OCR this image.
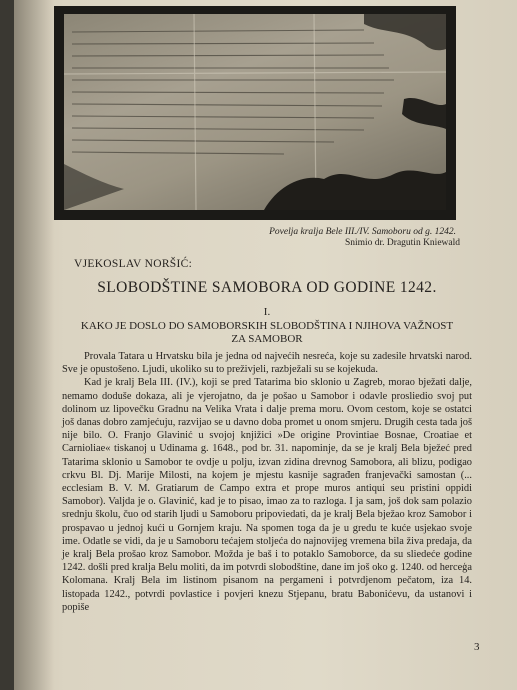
Povelja kralja Bele III./IV. Samoboru od g. 1242.
Snimio dr. Dragutin Kniewald
VJEKOSLAV NORŠIĆ:
SLOBODŠTINE SAMOBORA OD GODINE 1242.
I.
KAKO JE DOSLO DO SAMOBORSKIH SLOBODŠTINA I NJIHOVA VAŽNOST ZA SAMOBOR

Provala Tatara u Hrvatsku bila je jedna od najvećih nesreća, koje su zadesile hrvatski narod. Sve je opustošeno. Ljudi, ukoliko su to preživjeli, razbježali su se kojekuda.

Kad je kralj Bela III. (IV.), koji se pred Tatarima bio sklonio u Zagreb, morao bježati dalje, nemamo doduše dokaza, ali je vjerojatno, da je pošao u Samobor i odavle prosliedio svoj put dolinom uz lipovečku Gradnu na Velika Vrata i dalje prema moru. Ovom cestom, koje se ostatci još danas dobro zamjećuju, razvijao se u davno doba promet u onom smjeru. Drugih cesta tada još nije bilo. O. Franjo Glavinić u svojoj knjižici »De origine Provintiae Bosnae, Croatiae et Carnioliae« tiskanoj u Udinama g. 1648., pod br. 31. napominje, da se je kralj Bela bježeć pred Tatarima sklonio u Samobor te ovdje u polju, izvan zidina drevnog Samobora, ali blizu, podigao crkvu Bl. Dj. Marije Milosti, na kojem je mjestu kasnije sagrađen franjevački samostan (... ecclesiam B. V. M. Gratiarum de Campo extra et prope muros antiqui seu pristini oppidi Samobor). Valjda je o. Glavinić, kad je to pisao, imao za to razloga. I ja sam, još dok sam polazio srednju školu, čuo od starih ljudi u Samoboru pripoviedati, da je kralj Bela bježao kroz Samobor i prospavao u jednoj kući u Gornjem kraju. Na spomen toga da je u gredu te kuće usjekao svoje ime. Odatle se vidi, da je u Samoboru tećajem stoljeća do najnovijeg vremena bila živa predaja, da je kralj Bela prošao kroz Samobor. Možda je baš i to potaklo Samoborce, da su sliedeće godine 1242. došli pred kralja Belu moliti, da im potvrdi slobodštine, dane im još oko g. 1240. od herceģa Kolomana. Kralj Bela im listinom pisanom na pergameni i potvrdjenom pečatom, iza 14. listopada 1242., potvrdi povlastice i povjeri knezu Stjepanu, bratu Babonićevu, da ustanovi i popiše

3
